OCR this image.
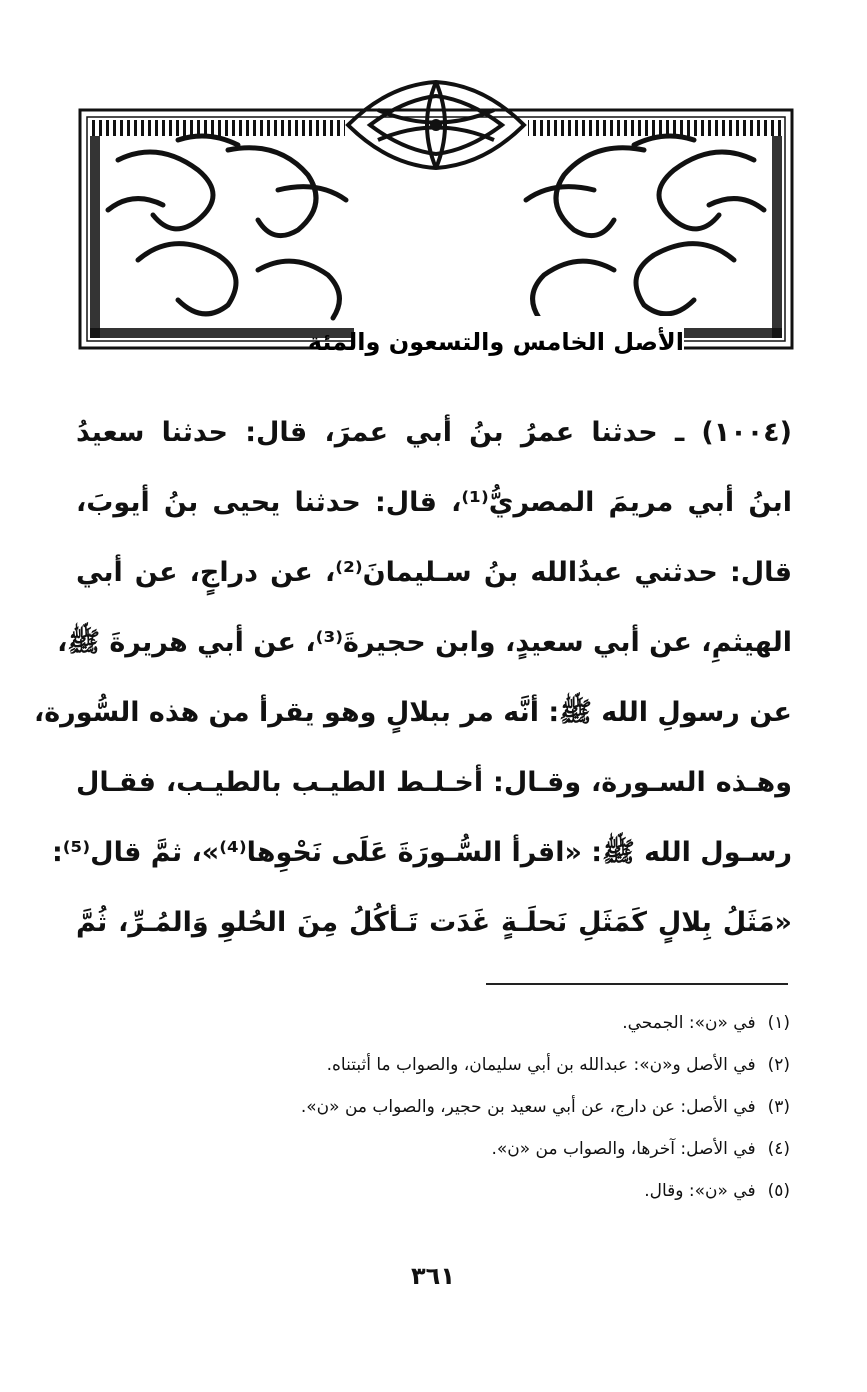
الأصل الخامس والتسعون والمئة
(١٠٠٤) ـ حدثنا عمرُ بنُ أبي عمرَ، قال: حدثنا سعيدُ
ابنُ أبي مريمَ المصريُّ⁽¹⁾، قال: حدثنا يحيى بنُ أيوبَ،
قال: حدثني عبدُالله بنُ سـليمانَ⁽²⁾، عن دراجٍ، عن أبي
الهيثمِ، عن أبي سعيدٍ، وابن حجيرةَ⁽³⁾، عن أبي هريرةَ ﷺ،
عن رسولِ الله ﷺ: أنَّه مر ببلالٍ وهو يقرأ من هذه السُّورة،
وهـذه السـورة، وقـال: أخـلـط الطيـب بالطيـب، فقـال
رسـول الله ﷺ: «اقرأ السُّـورَةَ عَلَى نَحْوِها⁽⁴⁾»، ثمَّ قال⁽⁵⁾:
«مَثَلُ بِلالٍ كَمَثَلِ نَحلَـةٍ غَدَت تَـأكُلُ مِنَ الحُلوِ وَالمُـرِّ، ثُمَّ
(١)في «ن»: الجمحي.
(٢)في الأصل و«ن»: عبدالله بن أبي سليمان، والصواب ما أثبتناه.
(٣)في الأصل: عن دارج، عن أبي سعيد بن حجير، والصواب من «ن».
(٤)في الأصل: آخرها، والصواب من «ن».
(٥)في «ن»: وقال.
٣٦١
